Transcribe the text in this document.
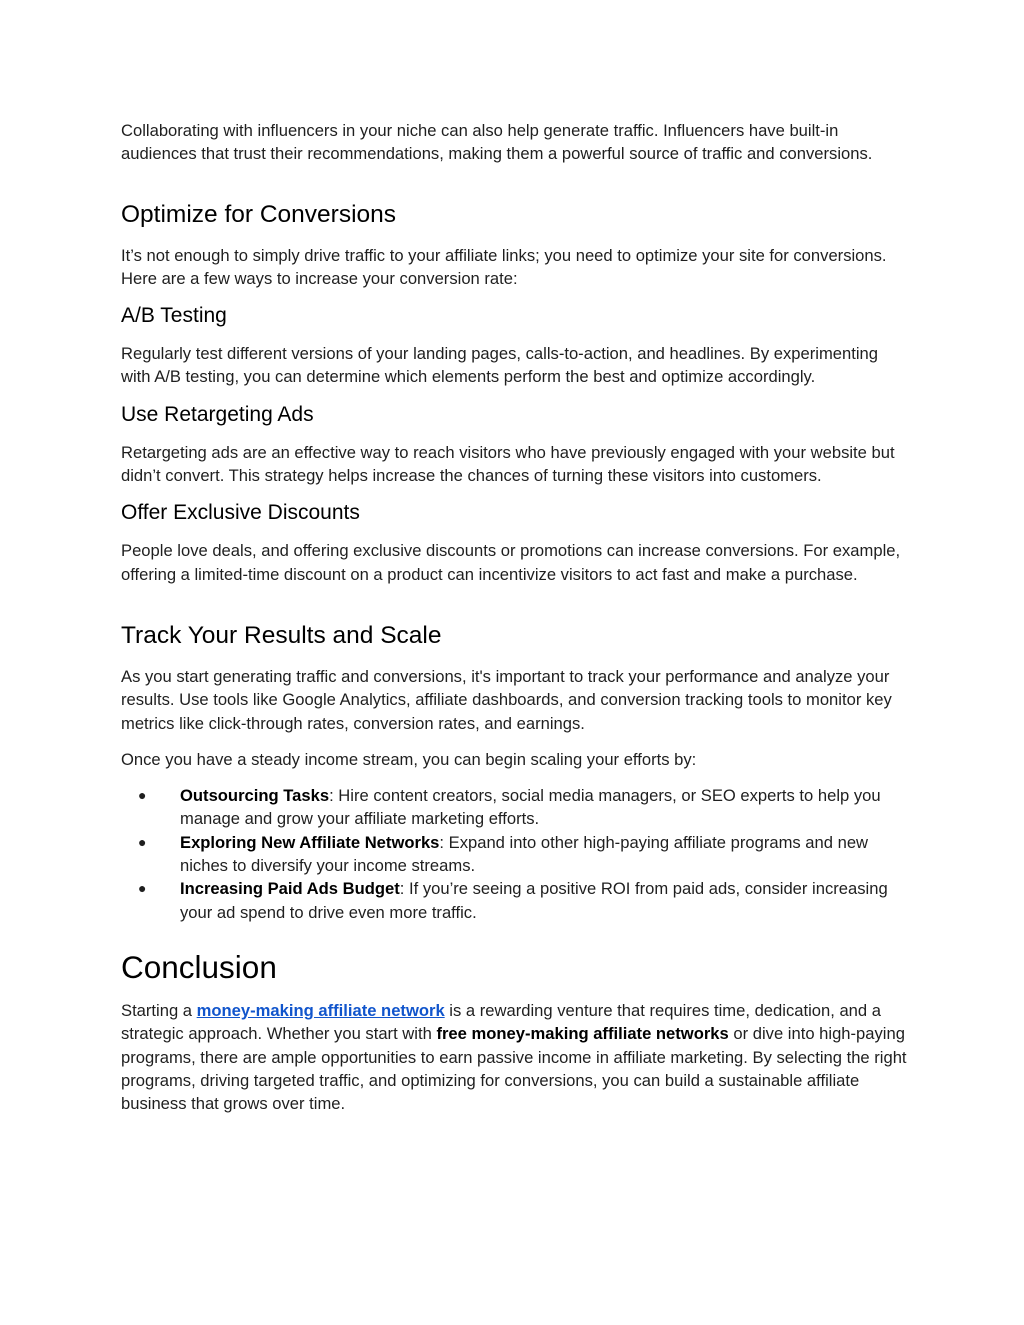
Collaborating with influencers in your niche can also help generate traffic. Influencers have built-in audiences that trust their recommendations, making them a powerful source of traffic and conversions.

Optimize for Conversions

It’s not enough to simply drive traffic to your affiliate links; you need to optimize your site for conversions. Here are a few ways to increase your conversion rate:

A/B Testing

Regularly test different versions of your landing pages, calls-to-action, and headlines. By experimenting with A/B testing, you can determine which elements perform the best and optimize accordingly.

Use Retargeting Ads

Retargeting ads are an effective way to reach visitors who have previously engaged with your website but didn’t convert. This strategy helps increase the chances of turning these visitors into customers.

Offer Exclusive Discounts

People love deals, and offering exclusive discounts or promotions can increase conversions. For example, offering a limited-time discount on a product can incentivize visitors to act fast and make a purchase.

Track Your Results and Scale

As you start generating traffic and conversions, it's important to track your performance and analyze your results. Use tools like Google Analytics, affiliate dashboards, and conversion tracking tools to monitor key metrics like click-through rates, conversion rates, and earnings.

Once you have a steady income stream, you can begin scaling your efforts by:

● Outsourcing Tasks: Hire content creators, social media managers, or SEO experts to help you manage and grow your affiliate marketing efforts.
● Exploring New Affiliate Networks: Expand into other high-paying affiliate programs and new niches to diversify your income streams.
● Increasing Paid Ads Budget: If you’re seeing a positive ROI from paid ads, consider increasing your ad spend to drive even more traffic.
Conclusion

Starting a money-making affiliate network is a rewarding venture that requires time, dedication, and a strategic approach. Whether you start with free money-making affiliate networks or dive into high-paying programs, there are ample opportunities to earn passive income in affiliate marketing. By selecting the right programs, driving targeted traffic, and optimizing for conversions, you can build a sustainable affiliate business that grows over time.
